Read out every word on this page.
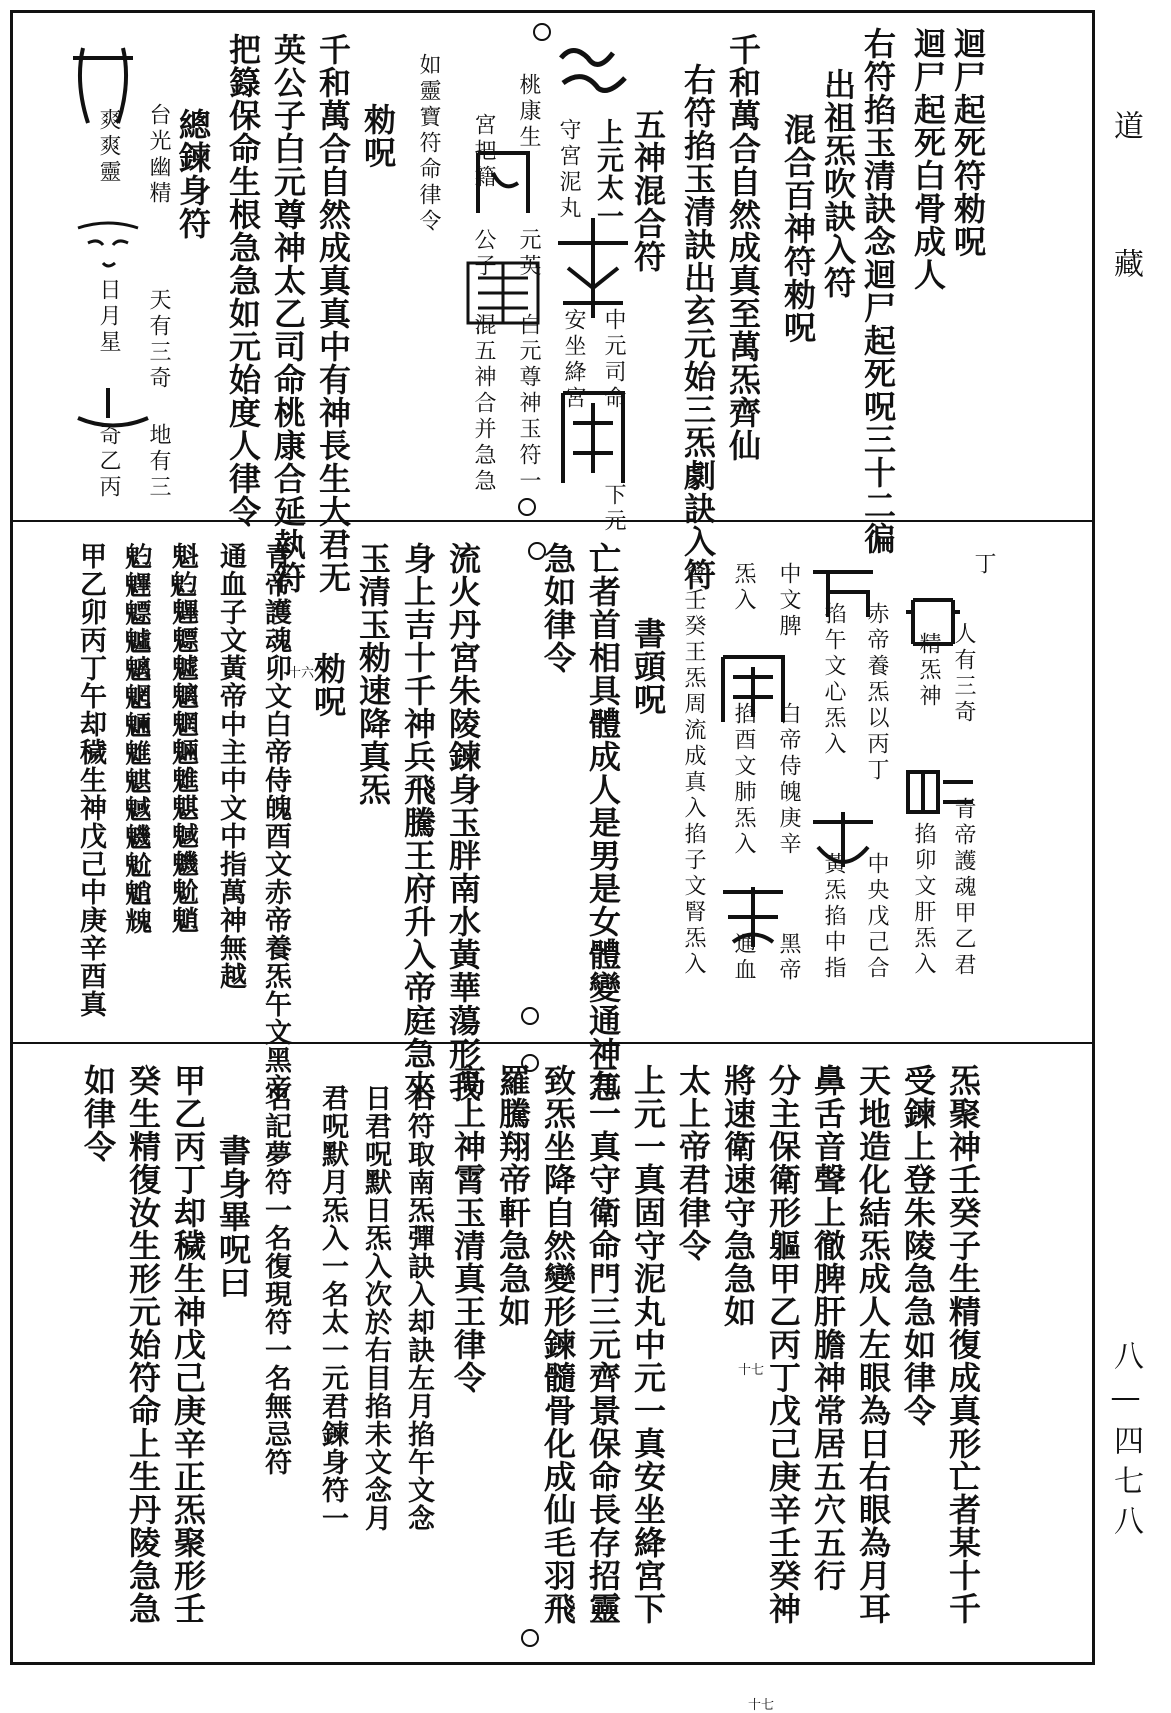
道
藏
八—四七八
迴尸起死符勑呪
迴尸起死白骨成人
右符掐玉清訣念迴尸起死呪三十二徧
出祖炁吹訣入符
混合百神符勑呪
千和萬合自然成真至萬炁齊仙
右符掐玉清訣出玄元始三炁劇訣入符
五神混合符
上元太一
中元司命
下元
守宮泥丸
安坐絳宮
桃康生
元英
白元尊神玉符一
宮把籍
公子
混五神合并急急
如靈寶符命律令
勑呪
千和萬合自然成真真中有神長生大君无
英公子白元尊神太乙司命桃康合延執符
把籙保命生根急急如元始度人律令
總鍊身符
台光幽精
天有三奇
地有三
爽爽靈
日月星
奇乙丙
丁
人有三奇
青帝護魂甲乙君
精炁神
掐卯文肝炁入
赤帝養炁以丙丁
中央戊己合
掐午文心炁入
黃炁掐中指
中文脾
白帝侍魄庚辛
黑帝
炁入
掐酉文肺炁入
通血
會壬癸王炁周流成真入掐子文腎炁入
書頭呪
亡者首相具體成人是男是女體變通神急
急如律令
流火丹宮朱陵鍊身玉胖南水黃華蕩形我
身上吉十千神兵飛騰王府升入帝庭急來
玉清玉勑速降真炁
勑呪
青帝護魂卯文白帝侍魄酉文赤帝養炁午文黑帝
通血子文黃帝中主中文中指萬神無越
魁𩲃魓魒魖魑魍魎魋魌魊魕魀魈
𩲃魓魒魖魑魍魎魋魌魊魕魀魈𩳁
甲乙卯丙丁午却穢生神戊己中庚辛酉真	十六
炁聚神壬癸子生精復成真形亡者某十千
受鍊上登朱陵急急如律令
天地造化結炁成人左眼為日右眼為月耳
鼻舌音聲上徹脾肝膽神常居五穴五行
分主保衛形軀甲乙丙丁戊己庚辛壬癸神
將速衛速守急急如
太上帝君律令
上元一真固守泥丸中元一真安坐絳宮下
元一真守衛命門三元齊景保命長存招靈
致炁坐降自然變形鍊髓骨化成仙毛羽飛
羅騰翔帝軒急急如
高上神霄玉清真王律令
右符取南炁彈訣入却訣左月掐午文念
日君呪默日炁入次於右目掐未文念月
君呪默月炁入一名太一元君鍊身符一
名記夢符一名復現符一名無忌符
書身畢呪曰
甲乙丙丁却穢生神戊己庚辛正炁聚形壬
癸生精復汝生形元始符命上生丹陵急急
如律令
十七
十七
